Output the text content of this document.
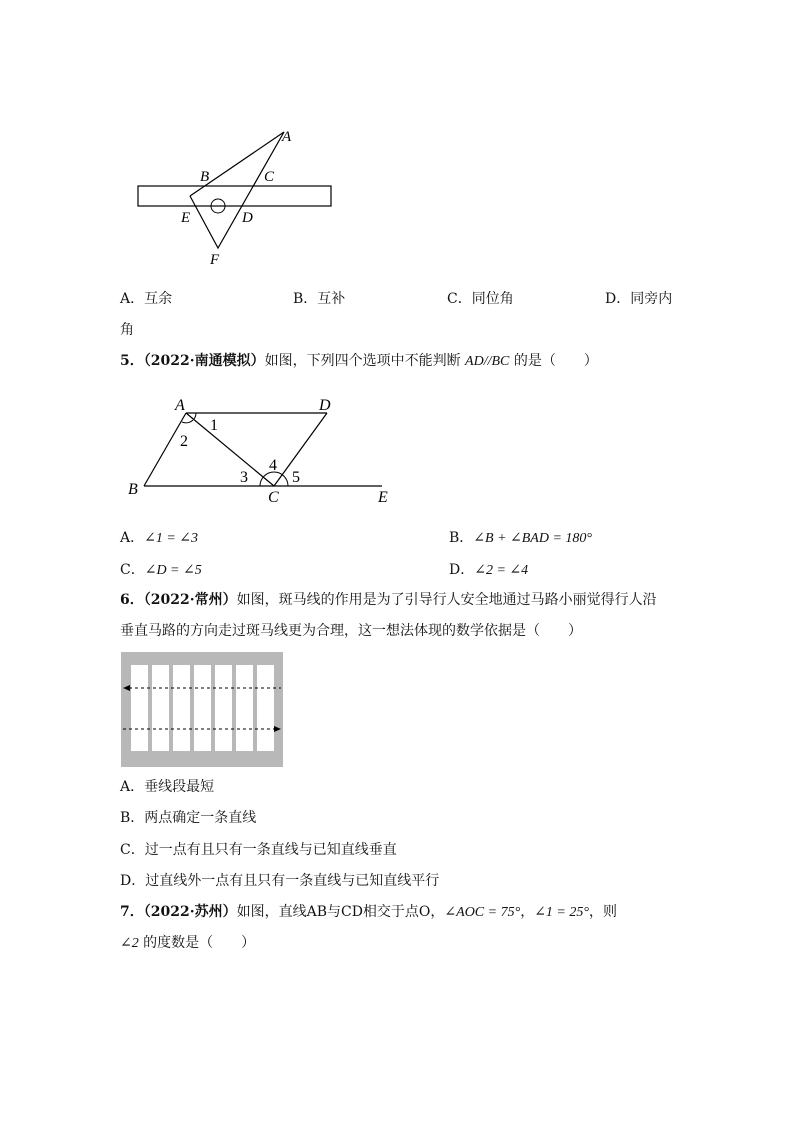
A
B	C
E	D
F
A．互余	B．互补	C．同位角	D．同旁内
角
5．（2022·南通模拟）如图，下列四个选项中不能判断 AD//BC 的是（　　）
A	D
B	C	E
1
2
3
4
5
A．∠1 = ∠3	B．∠B + ∠BAD = 180°
C．∠D = ∠5	D．∠2 = ∠4
6．（2022·常州）如图，斑马线的作用是为了引导行人安全地通过马路小丽觉得行人沿
垂直马路的方向走过斑马线更为合理，这一想法体现的数学依据是（　　）
A．垂线段最短
B．两点确定一条直线
C．过一点有且只有一条直线与已知直线垂直
D．过直线外一点有且只有一条直线与已知直线平行
7．（2022·苏州）如图，直线AB与CD相交于点O，∠AOC = 75°，∠1 = 25°，则
∠2 的度数是（　　）
